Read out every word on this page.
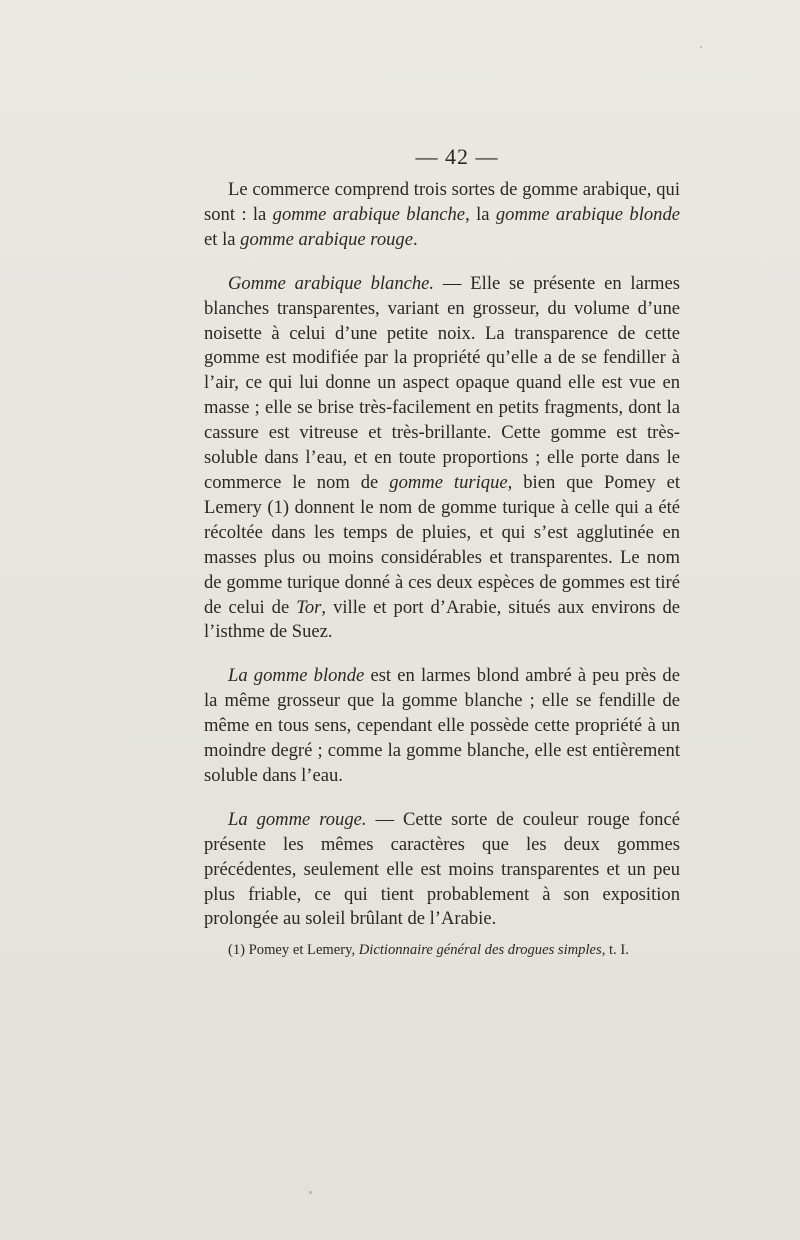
— 42 —

Le commerce comprend trois sortes de gomme arabique, qui sont : la gomme arabique blanche, la gomme arabique blonde et la gomme arabique rouge.

Gomme arabique blanche. — Elle se présente en larmes blanches transparentes, variant en grosseur, du volume d’une noisette à celui d’une petite noix. La transparence de cette gomme est modifiée par la propriété qu’elle a de se fendiller à l’air, ce qui lui donne un aspect opaque quand elle est vue en masse ; elle se brise très-facilement en petits fragments, dont la cassure est vitreuse et très-brillante. Cette gomme est très-soluble dans l’eau, et en toute proportions ; elle porte dans le commerce le nom de gomme turique, bien que Pomey et Lemery (1) donnent le nom de gomme turique à celle qui a été récoltée dans les temps de pluies, et qui s’est agglutinée en masses plus ou moins considérables et transparentes. Le nom de gomme turique donné à ces deux espèces de gommes est tiré de celui de Tor, ville et port d’Arabie, situés aux environs de l’isthme de Suez.

La gomme blonde est en larmes blond ambré à peu près de la même grosseur que la gomme blanche ; elle se fendille de même en tous sens, cependant elle possède cette propriété à un moindre degré ; comme la gomme blanche, elle est entièrement soluble dans l’eau.

La gomme rouge. — Cette sorte de couleur rouge foncé présente les mêmes caractères que les deux gommes précédentes, seulement elle est moins transparentes et un peu plus friable, ce qui tient probablement à son exposition prolongée au soleil brûlant de l’Arabie.

(1) Pomey et Lemery, Dictionnaire général des drogues simples, t. I.
